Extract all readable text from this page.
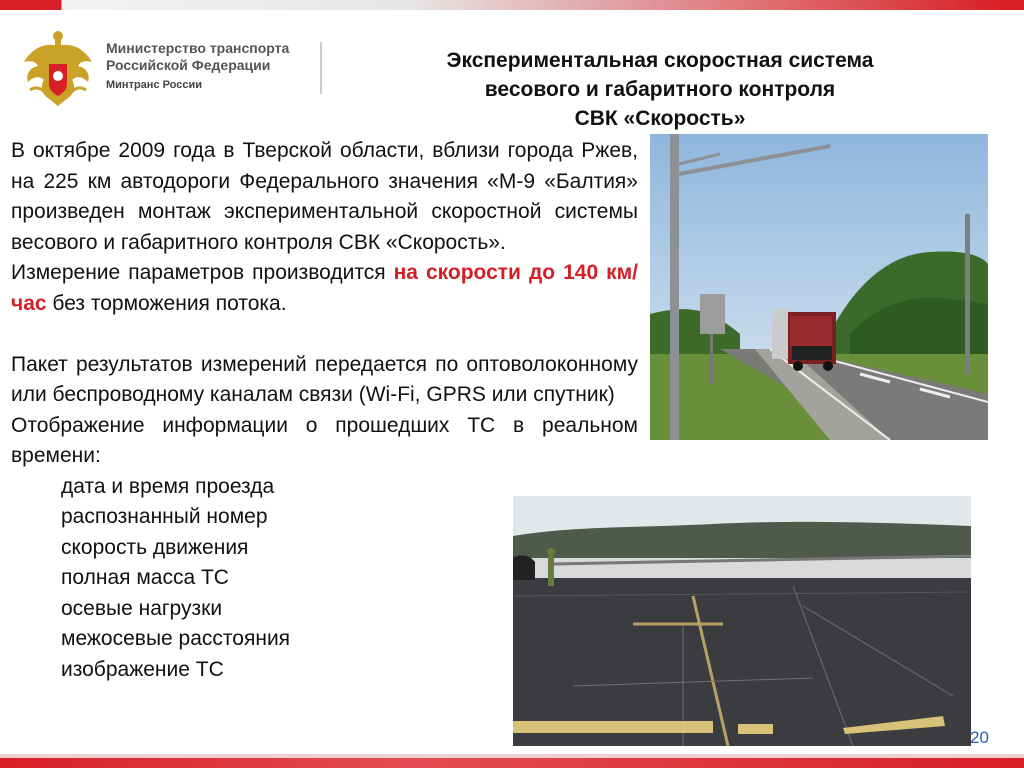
Министерство транспорта
Российской Федерации
Минтранс России
Экспериментальная скоростная система
весового и габаритного контроля
СВК «Скорость»

В октябре 2009 года в Тверской области, вблизи города Ржев, на 225 км автодороги Федерального значения «М-9 «Балтия» произведен монтаж экспериментальной скоростной системы весового и габаритного контроля СВК «Скорость».

Измерение параметров производится на скорости до 140 км/час без торможения потока.

Пакет результатов измерений передается по оптоволоконному или беспроводному каналам связи (Wi-Fi, GPRS или спутник)

Отображение информации о прошедших ТС в реальном времени:

дата и время проезда
распознанный номер
скорость движения
полная масса ТС
осевые нагрузки
межосевые расстояния
изображение ТС
20
